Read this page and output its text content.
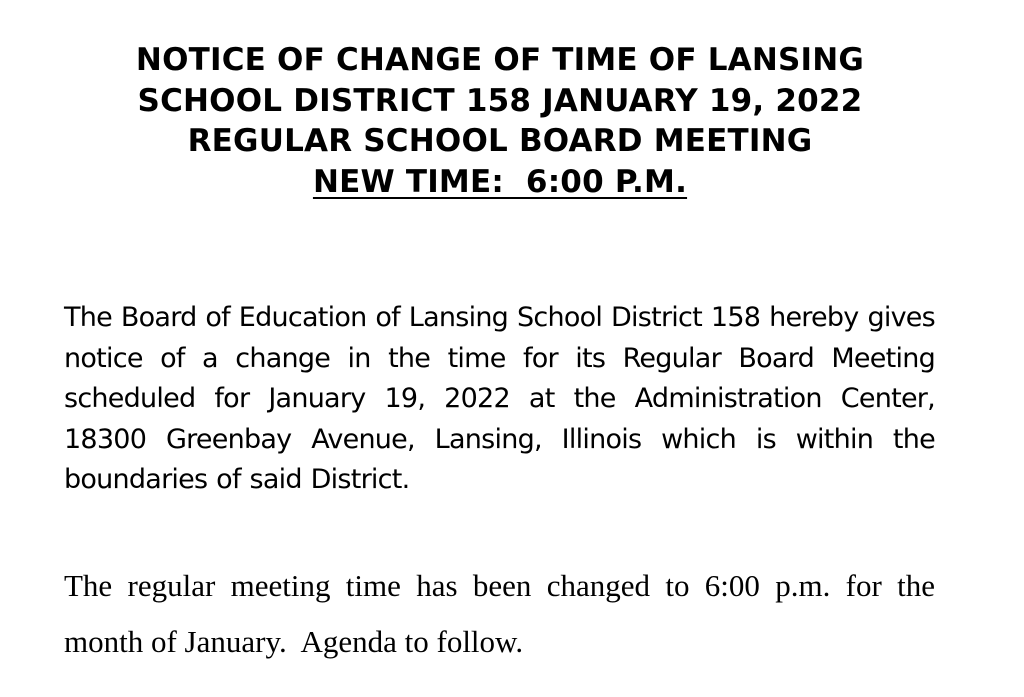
NOTICE OF CHANGE OF TIME OF LANSING
SCHOOL DISTRICT 158 JANUARY 19, 2022
REGULAR SCHOOL BOARD MEETING
NEW TIME:  6:00 P.M.

The Board of Education of Lansing School District 158 hereby gives notice of a change in the time for its Regular Board Meeting scheduled for January 19, 2022 at the Administration Center, 18300 Greenbay Avenue, Lansing, Illinois which is within the boundaries of said District.

The regular meeting time has been changed to 6:00 p.m. for the month of January.  Agenda to follow.
